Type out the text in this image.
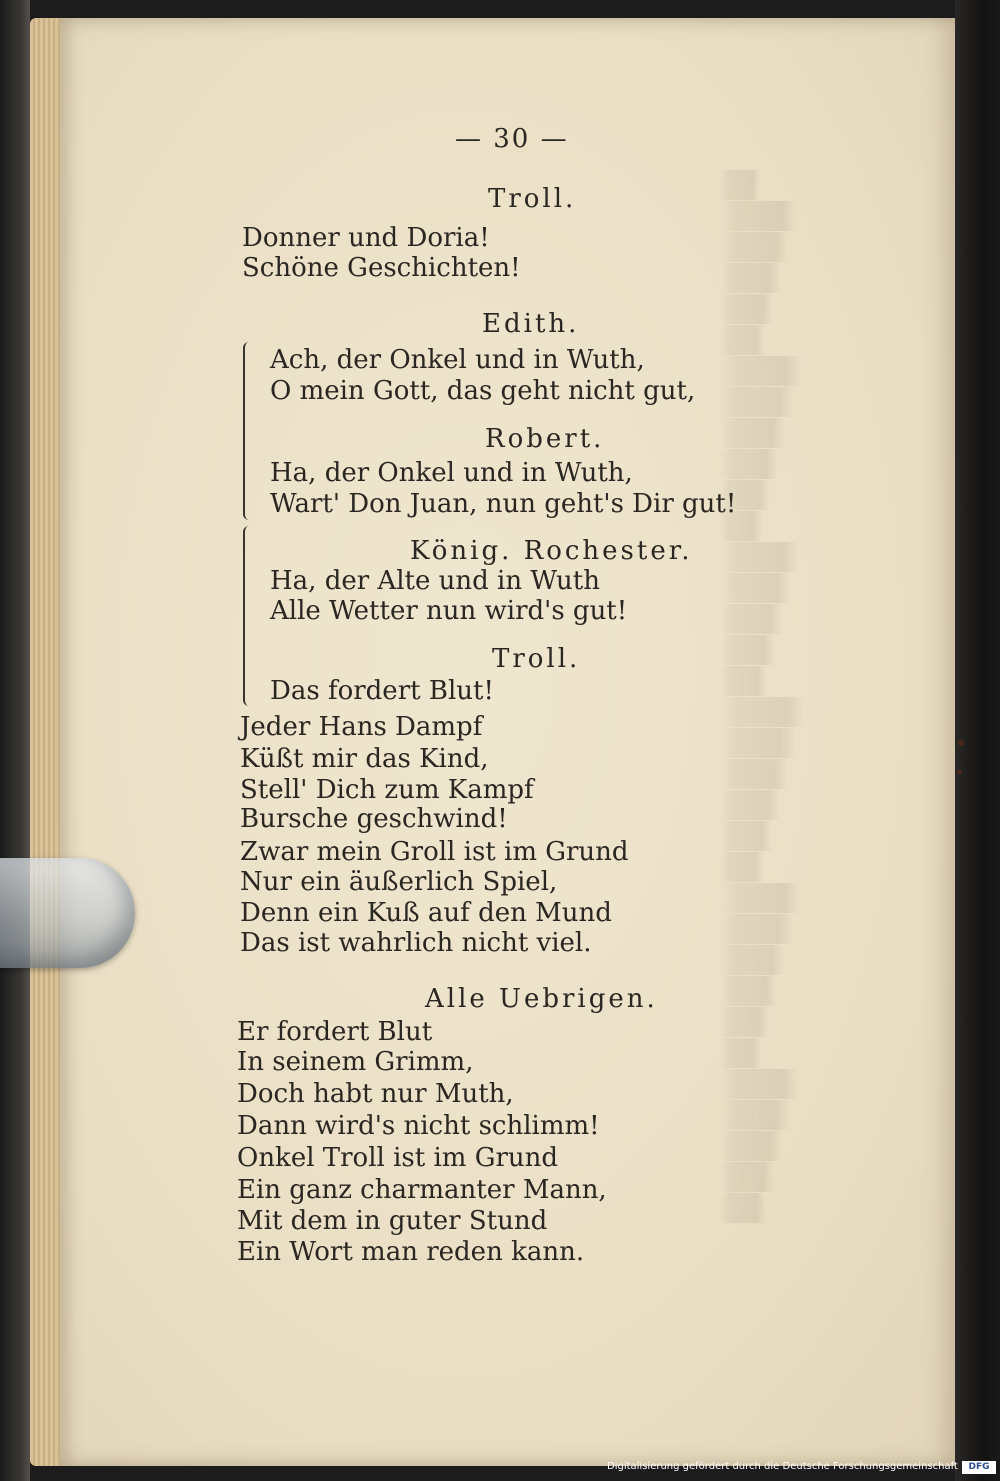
— 30 —
Troll.
Donner und Doria!
Schöne Geschichten!
Edith.
Ach, der Onkel und in Wuth,
O mein Gott, das geht nicht gut,
Robert.
Ha, der Onkel und in Wuth,
Wart' Don Juan, nun geht's Dir gut!
König. Rochester.
Ha, der Alte und in Wuth
Alle Wetter nun wird's gut!
Troll.
Das fordert Blut!
Jeder Hans Dampf
Küßt mir das Kind,
Stell' Dich zum Kampf
Bursche geschwind!
Zwar mein Groll ist im Grund
Nur ein äußerlich Spiel,
Denn ein Kuß auf den Mund
Das ist wahrlich nicht viel.
Alle Uebrigen.
Er fordert Blut
In seinem Grimm,
Doch habt nur Muth,
Dann wird's nicht schlimm!
Onkel Troll ist im Grund
Ein ganz charmanter Mann,
Mit dem in guter Stund
Ein Wort man reden kann.
Digitalisierung gefördert durch die Deutsche Forschungsgemeinschaft	DFG
